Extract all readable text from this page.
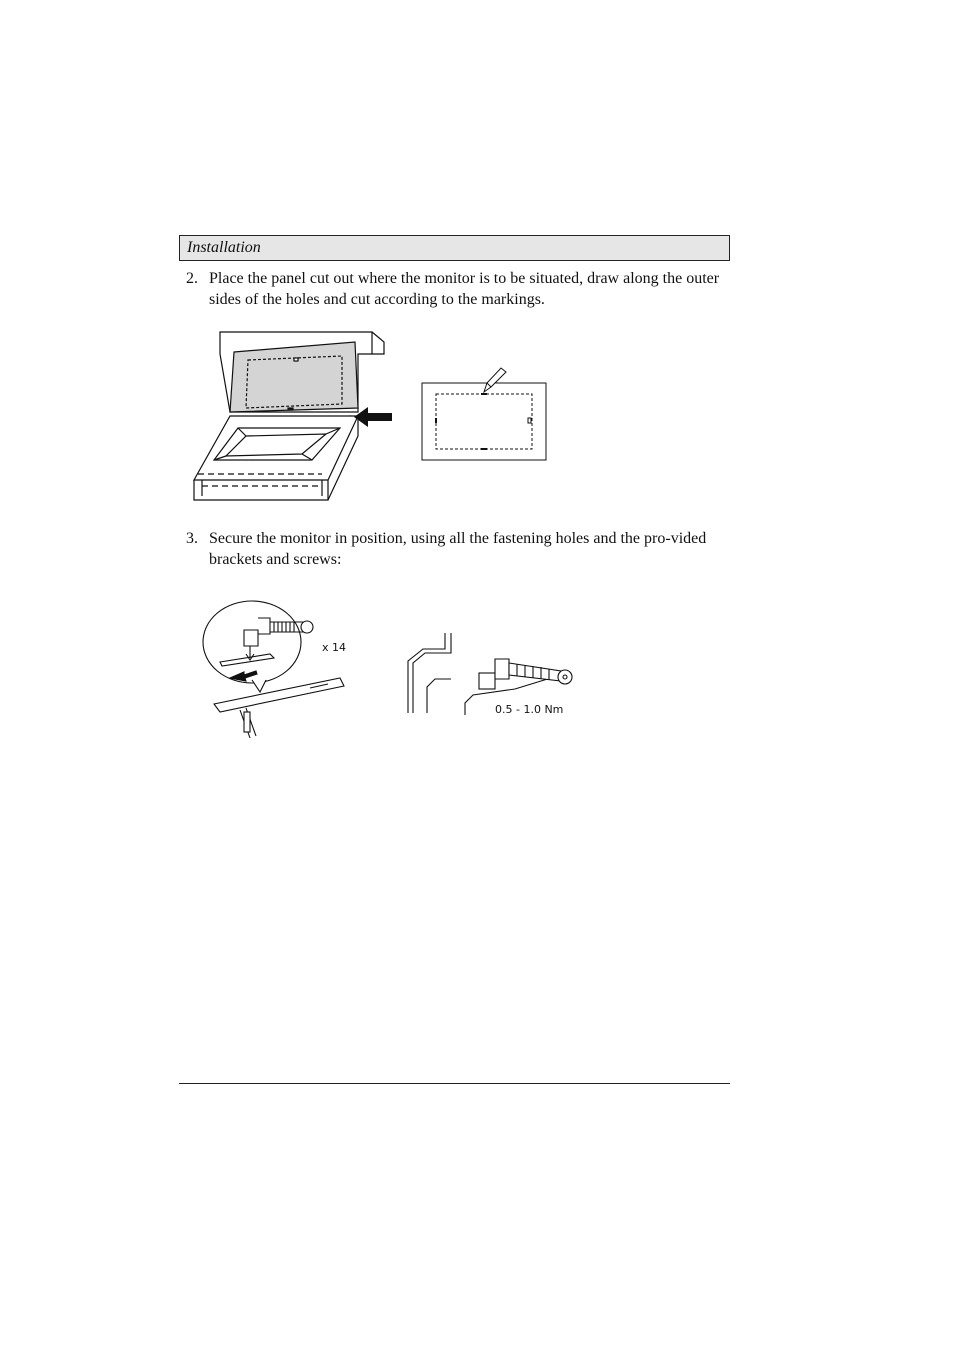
Installation
2. Place the panel cut out where the monitor is to be situated, draw along the outer sides of the holes and cut according to the markings.
3. Secure the monitor in position, using all the fastening holes and the pro-vided brackets and screws:
x 14
0.5 - 1.0 Nm
